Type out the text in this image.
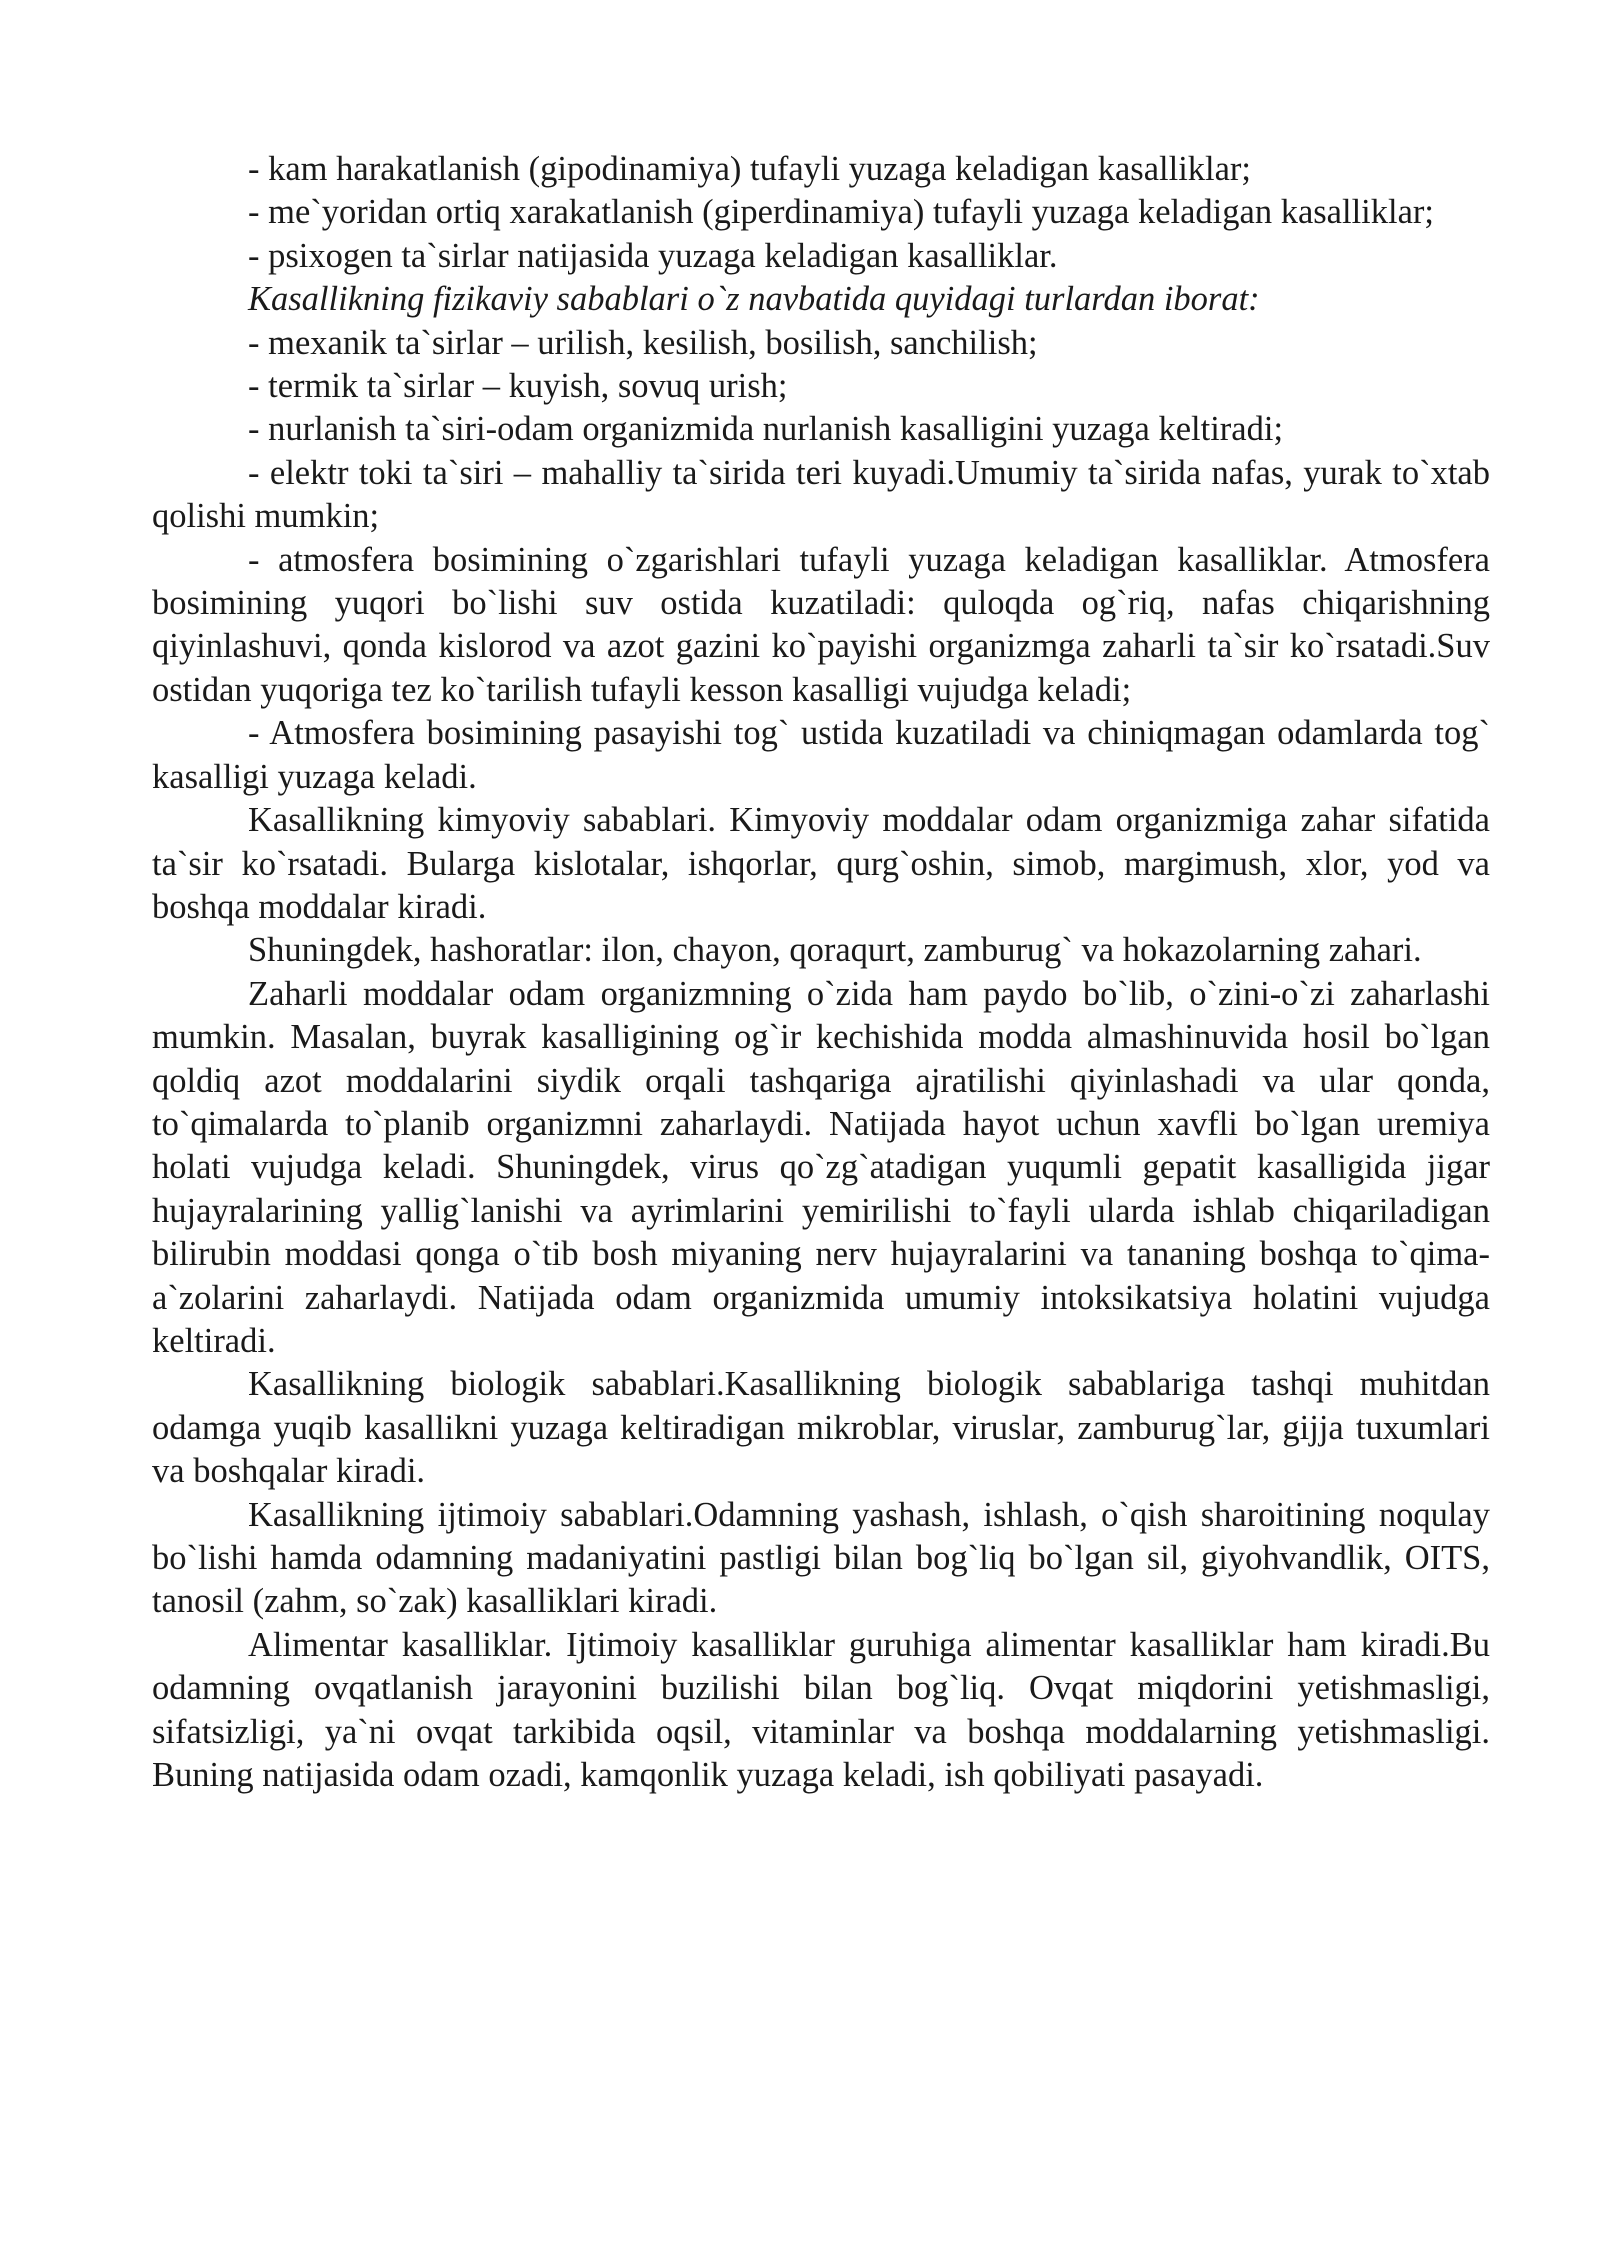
- kam harakatlanish (gipodinamiya) tufayli yuzaga keladigan kasalliklar;

- me`yoridan ortiq xarakatlanish (giperdinamiya) tufayli yuzaga keladigan kasalliklar;

- psixogen ta`sirlar natijasida yuzaga keladigan kasalliklar.

Kasallikning fizikaviy sabablari o`z navbatida quyidagi turlardan iborat:

- mexanik ta`sirlar – urilish, kesilish, bosilish, sanchilish;

- termik ta`sirlar – kuyish, sovuq urish;

- nurlanish ta`siri-odam organizmida nurlanish kasalligini yuzaga keltiradi;

- elektr toki ta`siri – mahalliy ta`sirida teri kuyadi.Umumiy ta`sirida nafas, yurak to`xtab qolishi mumkin;

- atmosfera bosimining o`zgarishlari tufayli yuzaga keladigan kasalliklar. Atmosfera bosimining yuqori bo`lishi suv ostida kuzatiladi: quloqda og`riq, nafas chiqarishning qiyinlashuvi, qonda kislorod va azot gazini ko`payishi organizmga zaharli ta`sir ko`rsatadi.Suv ostidan yuqoriga tez ko`tarilish tufayli kesson kasalligi vujudga keladi;

- Atmosfera bosimining pasayishi tog` ustida kuzatiladi va chiniqmagan odamlarda tog` kasalligi yuzaga keladi.

Kasallikning kimyoviy sabablari. Kimyoviy moddalar odam organizmiga zahar sifatida ta`sir ko`rsatadi. Bularga kislotalar, ishqorlar, qurg`oshin, simob, margimush, xlor, yod va boshqa moddalar kiradi.

Shuningdek, hashoratlar: ilon, chayon, qoraqurt, zamburug` va hokazolarning zahari.

Zaharli moddalar odam organizmning o`zida ham paydo bo`lib, o`zini-o`zi zaharlashi mumkin. Masalan, buyrak kasalligining og`ir kechishida modda almashinuvida hosil bo`lgan qoldiq azot moddalarini siydik orqali tashqariga ajratilishi qiyinlashadi va ular qonda, to`qimalarda to`planib organizmni zaharlaydi. Natijada hayot uchun xavfli bo`lgan uremiya holati vujudga keladi. Shuningdek, virus qo`zg`atadigan yuqumli gepatit kasalligida jigar hujayralarining yallig`lanishi va ayrimlarini yemirilishi to`fayli ularda ishlab chiqariladigan bilirubin moddasi qonga o`tib bosh miyaning nerv hujayralarini va tananing boshqa to`qima-a`zolarini zaharlaydi. Natijada odam organizmida umumiy intoksikatsiya holatini vujudga keltiradi.

Kasallikning biologik sabablari.Kasallikning biologik sabablariga tashqi muhitdan odamga yuqib kasallikni yuzaga keltiradigan mikroblar, viruslar, zamburug`lar, gijja tuxumlari va boshqalar kiradi.

Kasallikning ijtimoiy sabablari.Odamning yashash, ishlash, o`qish sharoitining noqulay bo`lishi hamda odamning madaniyatini pastligi bilan bog`liq bo`lgan sil, giyohvandlik, OITS, tanosil (zahm, so`zak) kasalliklari kiradi.

Alimentar kasalliklar. Ijtimoiy kasalliklar guruhiga alimentar kasalliklar ham kiradi.Bu odamning ovqatlanish jarayonini buzilishi bilan bog`liq. Ovqat miqdorini yetishmasligi, sifatsizligi, ya`ni ovqat tarkibida oqsil, vitaminlar va boshqa moddalarning yetishmasligi. Buning natijasida odam ozadi, kamqonlik yuzaga keladi, ish qobiliyati pasayadi.
